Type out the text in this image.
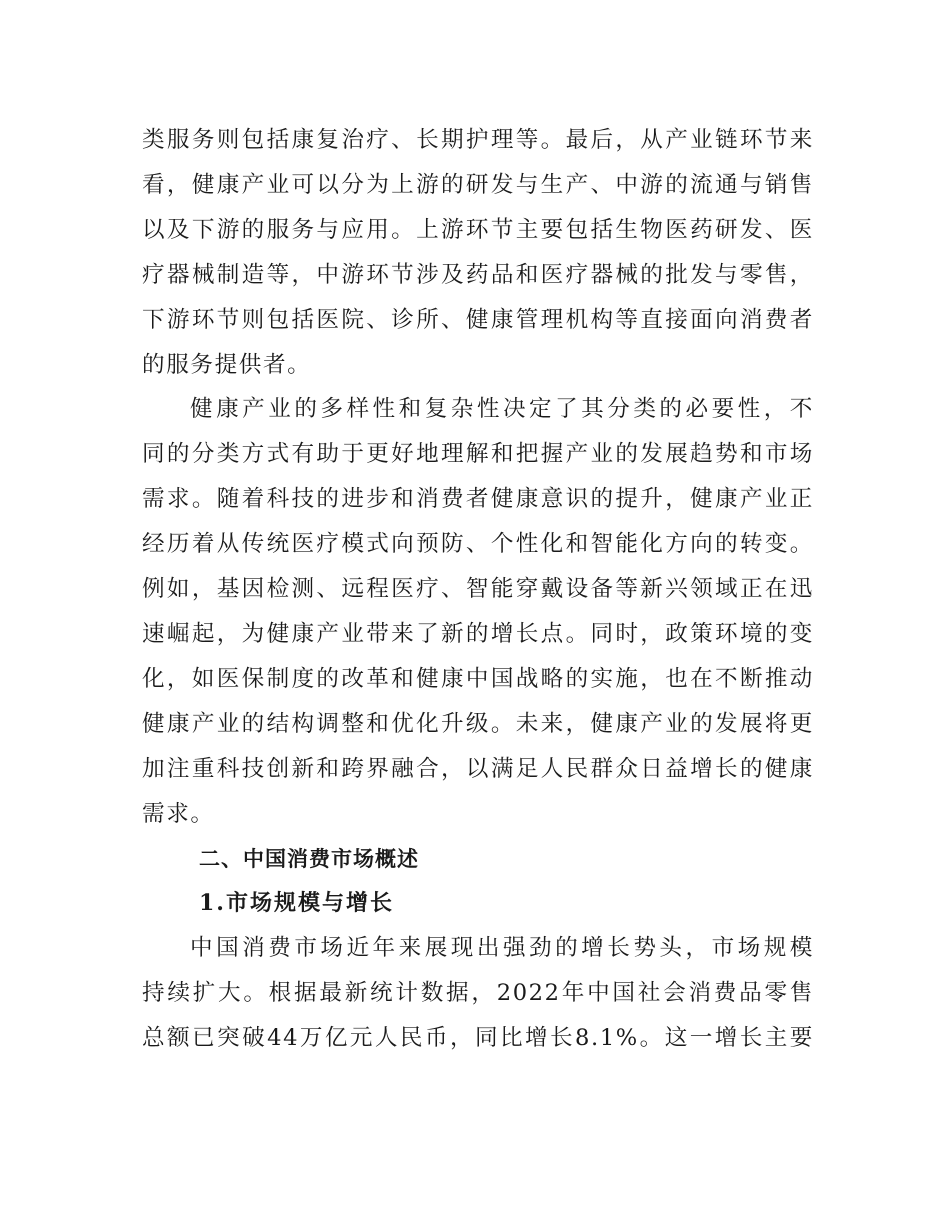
类服务则包括康复治疗、长期护理等。最后，从产业链环节来
看，健康产业可以分为上游的研发与生产、中游的流通与销售
以及下游的服务与应用。上游环节主要包括生物医药研发、医
疗器械制造等，中游环节涉及药品和医疗器械的批发与零售，
下游环节则包括医院、诊所、健康管理机构等直接面向消费者
的服务提供者。

健康产业的多样性和复杂性决定了其分类的必要性，不
同的分类方式有助于更好地理解和把握产业的发展趋势和市场
需求。随着科技的进步和消费者健康意识的提升，健康产业正
经历着从传统医疗模式向预防、个性化和智能化方向的转变。
例如，基因检测、远程医疗、智能穿戴设备等新兴领域正在迅
速崛起，为健康产业带来了新的增长点。同时，政策环境的变
化，如医保制度的改革和健康中国战略的实施，也在不断推动
健康产业的结构调整和优化升级。未来，健康产业的发展将更
加注重科技创新和跨界融合，以满足人民群众日益增长的健康
需求。

二、中国消费市场概述
1.市场规模与增长

中国消费市场近年来展现出强劲的增长势头，市场规模
持续扩大。根据最新统计数据，2022年中国社会消费品零售
总额已突破44万亿元人民币，同比增长8.1%。这一增长主要
